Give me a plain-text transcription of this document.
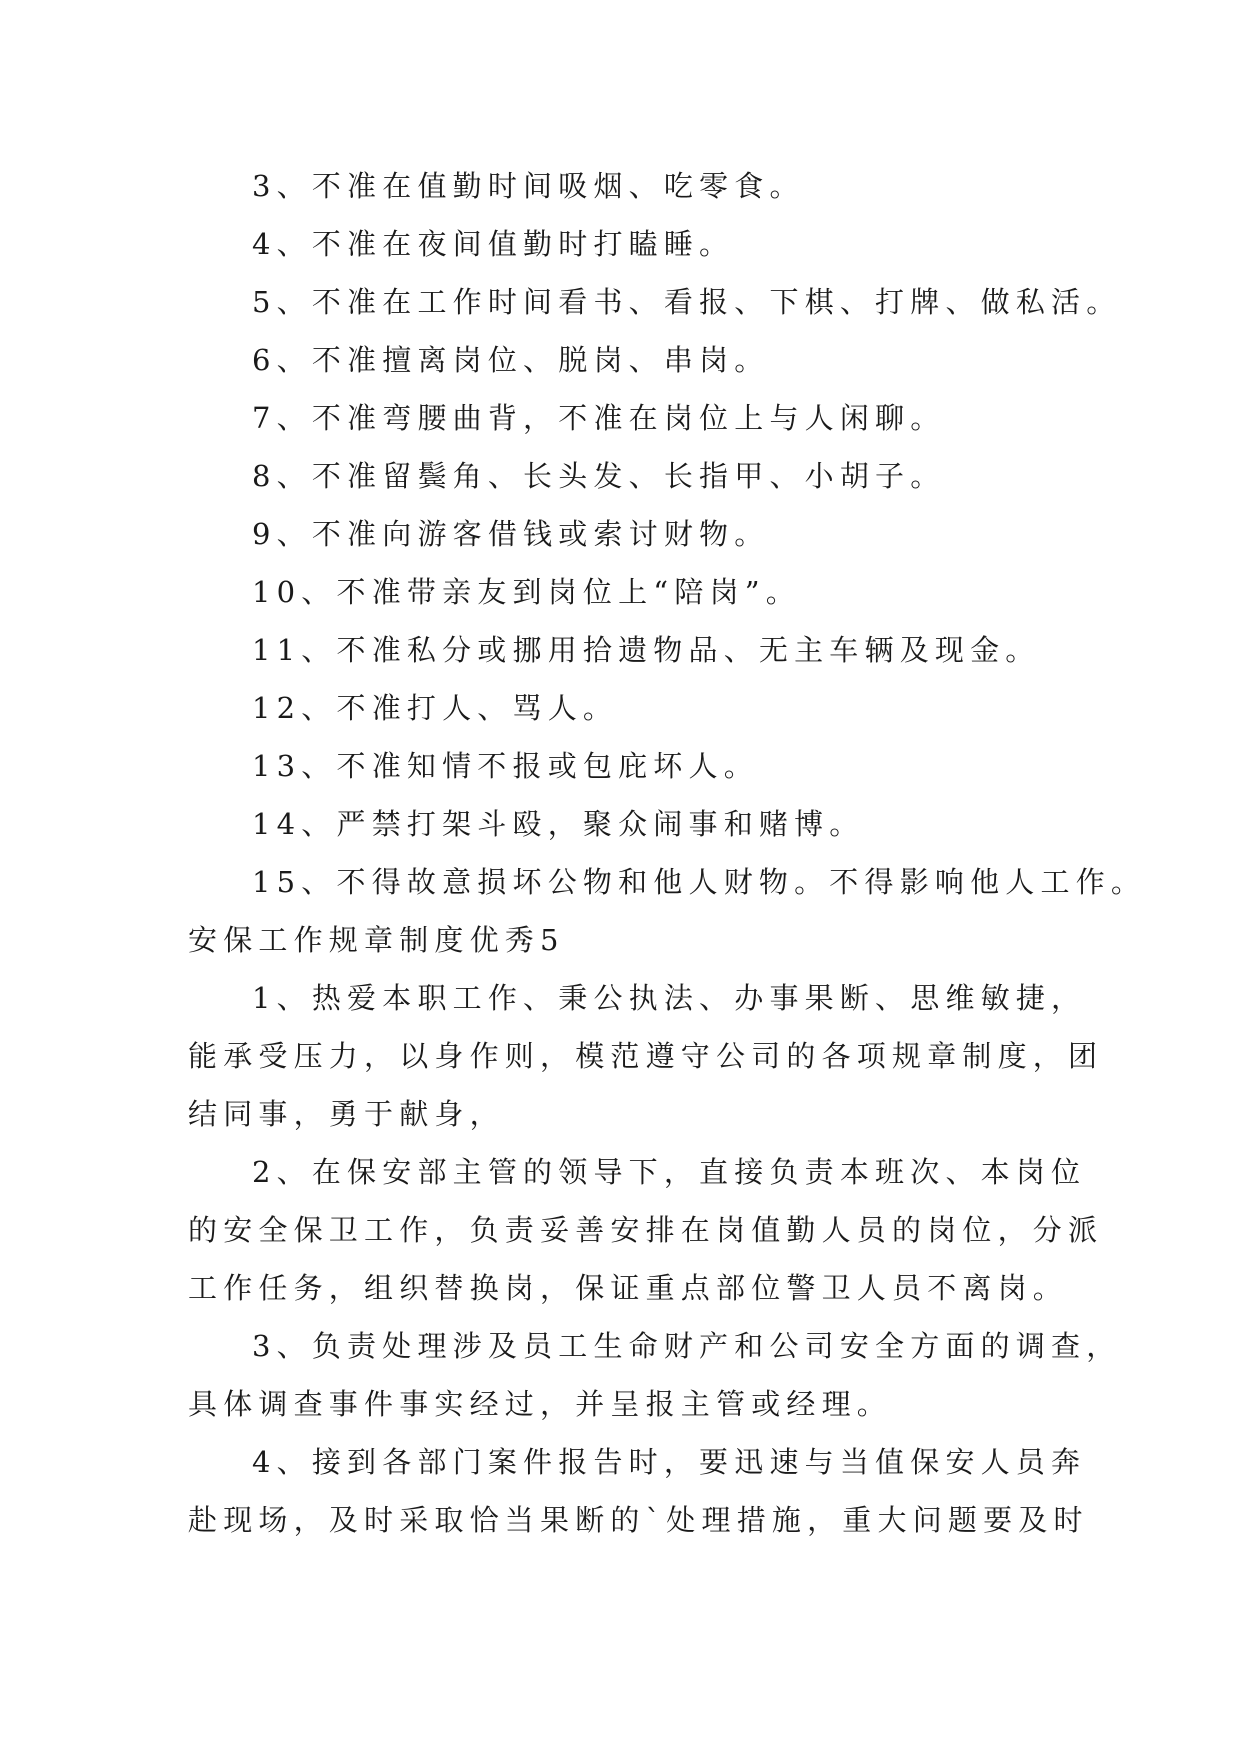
3、不准在值勤时间吸烟、吃零食。

4、不准在夜间值勤时打瞌睡。

5、不准在工作时间看书、看报、下棋、打牌、做私活。

6、不准擅离岗位、脱岗、串岗。

7、不准弯腰曲背，不准在岗位上与人闲聊。

8、不准留鬓角、长头发、长指甲、小胡子。

9、不准向游客借钱或索讨财物。

10、不准带亲友到岗位上“陪岗”。

11、不准私分或挪用拾遗物品、无主车辆及现金。

12、不准打人、骂人。

13、不准知情不报或包庇坏人。

14、严禁打架斗殴，聚众闹事和赌博。

15、不得故意损坏公物和他人财物。不得影响他人工作。

安保工作规章制度优秀5

1、热爱本职工作、秉公执法、办事果断、思维敏捷，

能承受压力，以身作则，模范遵守公司的各项规章制度，团

结同事，勇于献身，

2、在保安部主管的领导下，直接负责本班次、本岗位

的安全保卫工作，负责妥善安排在岗值勤人员的岗位，分派

工作任务，组织替换岗，保证重点部位警卫人员不离岗。

3、负责处理涉及员工生命财产和公司安全方面的调查，

具体调查事件事实经过，并呈报主管或经理。

4、接到各部门案件报告时，要迅速与当值保安人员奔

赴现场，及时采取恰当果断的`处理措施，重大问题要及时
